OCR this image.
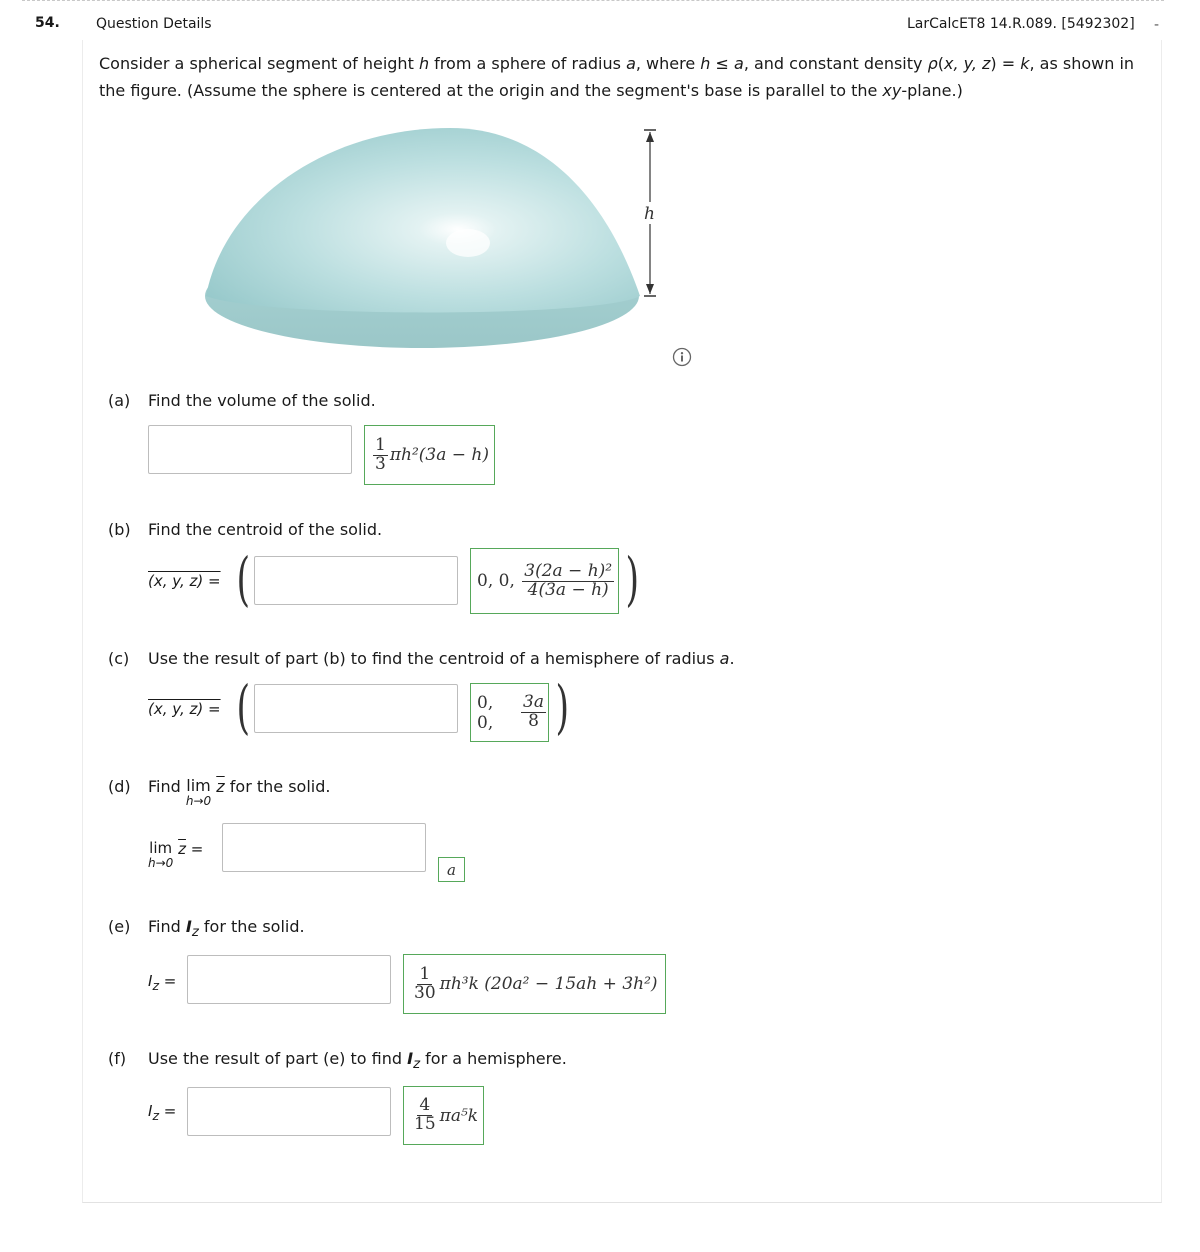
54.	Question Details	LarCalcET8 14.R.089. [5492302] -
Consider a spherical segment of height h from a sphere of radius a, where h ≤ a, and constant density ρ(x, y, z) = k, as shown in the figure. (Assume the sphere is centered at the origin and the segment's base is parallel to the xy-plane.)
h
(a) Find the volume of the solid.
$\frac{1}{3} \pi h^2(3a - h)$
(b) Find the centroid of the solid.
(x, y, z) = (	0, 0,
$\frac{\text{3(2a − h)²}}{4(3a - h)}$ )
(c) Use the result of part (b) to find the centroid of a hemisphere of radius a.
(x, y, z) = (	0, 0,
	$\frac{3a}{8}$ )
(d) Find lim
h→0
$\overline{z}$ for the solid.
lim
h→0
$\overline{z}$ =
a
(e) Find $I_z$ for the solid.
$I_z$ =	$\frac{1}{30} \pi h^3k$ (20a² − 15ah + 3h²)
(f) Use the result of part (e) to find $I_z$ for a hemisphere.
$I_z$ =	$\frac{4}{15} \pi a^5k$
